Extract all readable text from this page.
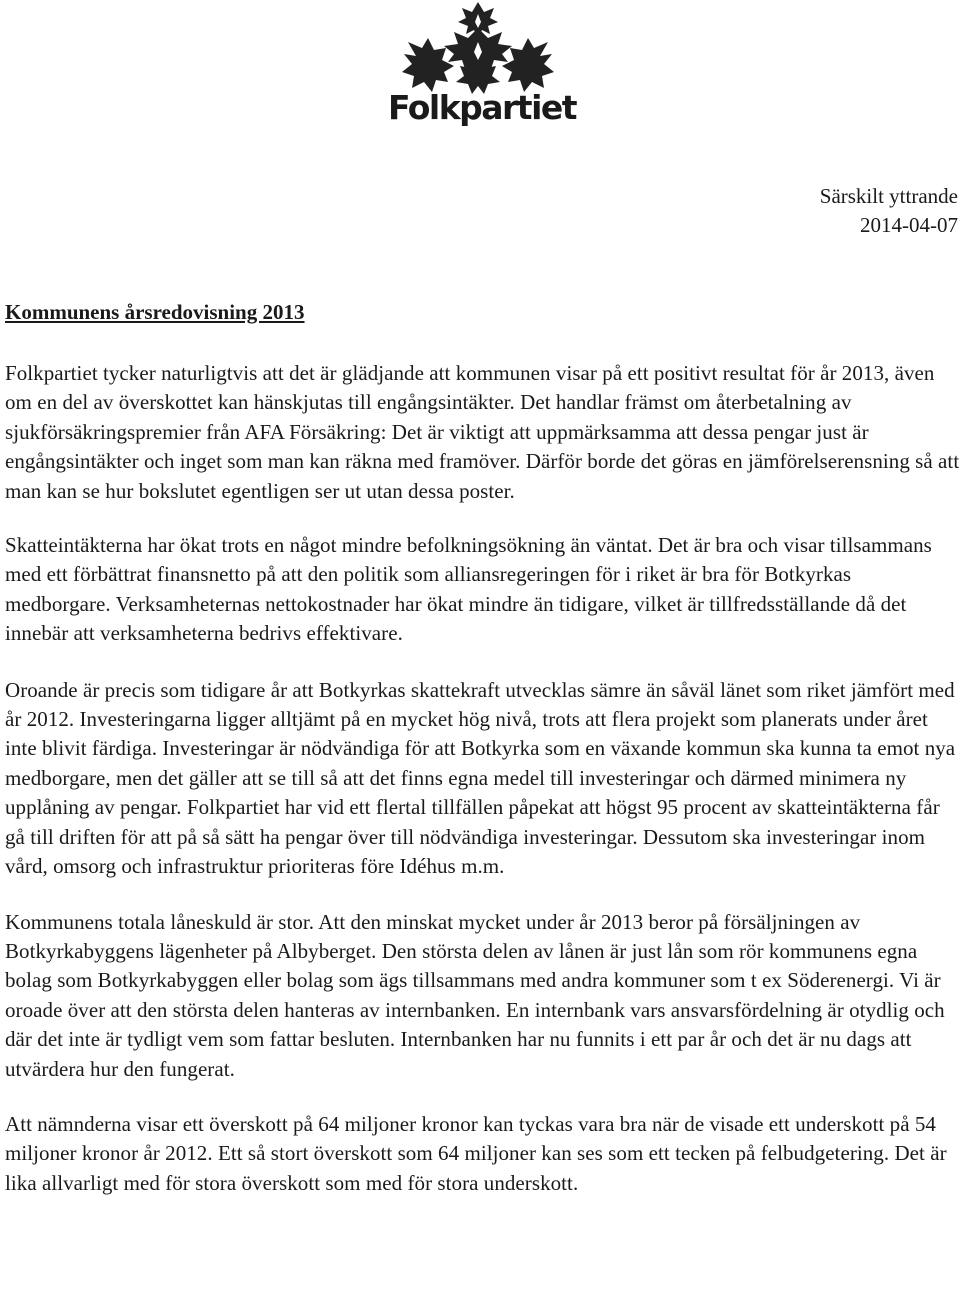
Folkpartiet
Särskilt yttrande
2014-04-07
Kommunens årsredovisning 2013

Folkpartiet tycker naturligtvis att det är glädjande att kommunen visar på ett positivt resultat för år 2013, även om en del av överskottet kan hänskjutas till engångsintäkter. Det handlar främst om återbetalning av sjukförsäkringspremier från AFA Försäkring: Det är viktigt att uppmärksamma att dessa pengar just är engångsintäkter och inget som man kan räkna med framöver. Därför borde det göras en jämförelserensning så att man kan se hur bokslutet egentligen ser ut utan dessa poster.

Skatteintäkterna har ökat trots en något mindre befolkningsökning än väntat. Det är bra och visar tillsammans med ett förbättrat finansnetto på att den politik som alliansregeringen för i riket är bra för Botkyrkas medborgare. Verksamheternas nettokostnader har ökat mindre än tidigare, vilket är tillfredsställande då det innebär att verksamheterna bedrivs effektivare.

Oroande är precis som tidigare år att Botkyrkas skattekraft utvecklas sämre än såväl länet som riket jämfört med år 2012. Investeringarna ligger alltjämt på en mycket hög nivå, trots att flera projekt som planerats under året inte blivit färdiga. Investeringar är nödvändiga för att Botkyrka som en växande kommun ska kunna ta emot nya medborgare, men det gäller att se till så att det finns egna medel till investeringar och därmed minimera ny upplåning av pengar. Folkpartiet har vid ett flertal tillfällen påpekat att högst 95 procent av skatteintäkterna får gå till driften för att på så sätt ha pengar över till nödvändiga investeringar. Dessutom ska investeringar inom vård, omsorg och infrastruktur prioriteras före Idéhus m.m.

Kommunens totala låneskuld är stor. Att den minskat mycket under år 2013 beror på försäljningen av Botkyrkabyggens lägenheter på Albyberget. Den största delen av lånen är just lån som rör kommunens egna bolag som Botkyrkabyggen eller bolag som ägs tillsammans med andra kommuner som t ex Söderenergi. Vi är oroade över att den största delen hanteras av internbanken. En internbank vars ansvarsfördelning är otydlig och där det inte är tydligt vem som fattar besluten. Internbanken har nu funnits i ett par år och det är nu dags att utvärdera hur den fungerat.

Att nämnderna visar ett överskott på 64 miljoner kronor kan tyckas vara bra när de visade ett underskott på 54 miljoner kronor år 2012. Ett så stort överskott som 64 miljoner kan ses som ett tecken på felbudgetering. Det är lika allvarligt med för stora överskott som med för stora underskott.
